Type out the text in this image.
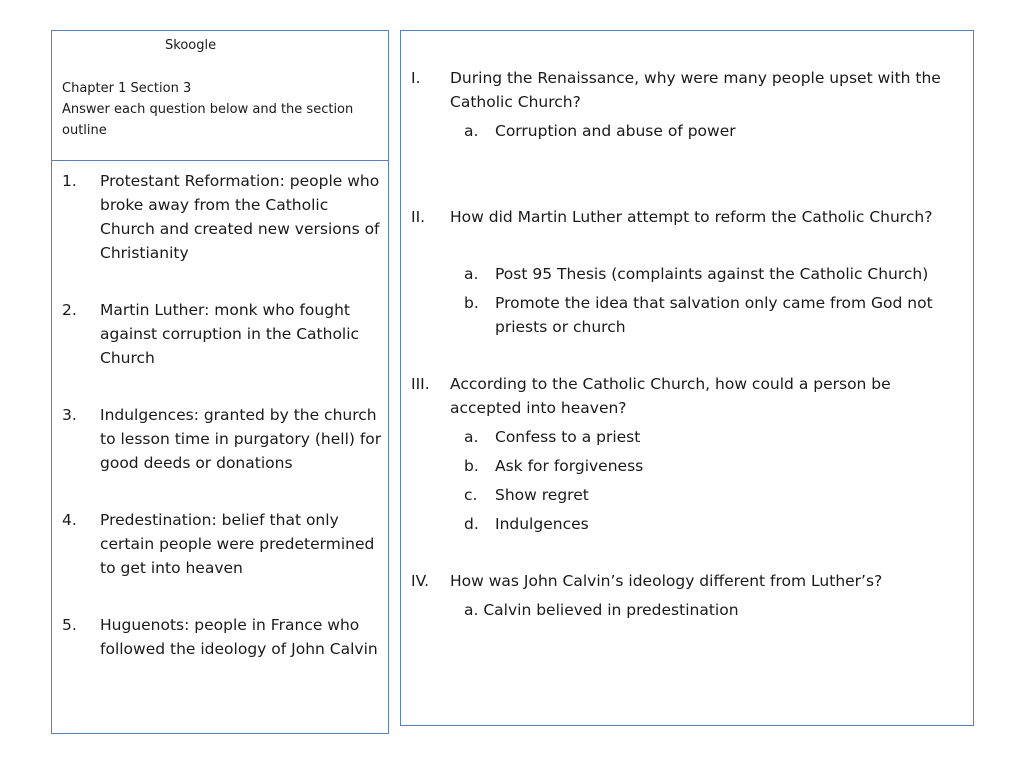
Skoogle
Chapter 1 Section 3
Answer each question below and the section
outline
1.	Protestant Reformation: people who broke away from the Catholic Church and created new versions of Christianity
2.	Martin Luther: monk who fought against corruption in the Catholic Church
3.	Indulgences: granted by the church to lesson time in purgatory (hell) for good deeds or donations
4.	Predestination: belief that only certain people were predetermined to get into heaven
5.	Huguenots: people in France who followed the ideology of John Calvin
I.	During the Renaissance, why were many people upset with the Catholic Church?
a.	Corruption and abuse of power
II.	How did Martin Luther attempt to reform the Catholic Church?
a.	Post 95 Thesis (complaints against the Catholic Church)
b.	Promote the idea that salvation only came from God not priests or church
III.	According to the Catholic Church, how could a person be accepted into heaven?
a.	Confess to a priest
b.	Ask for forgiveness
c.	Show regret
d.	Indulgences
IV.	How was John Calvin’s ideology different from Luther’s?
a. Calvin believed in predestination
